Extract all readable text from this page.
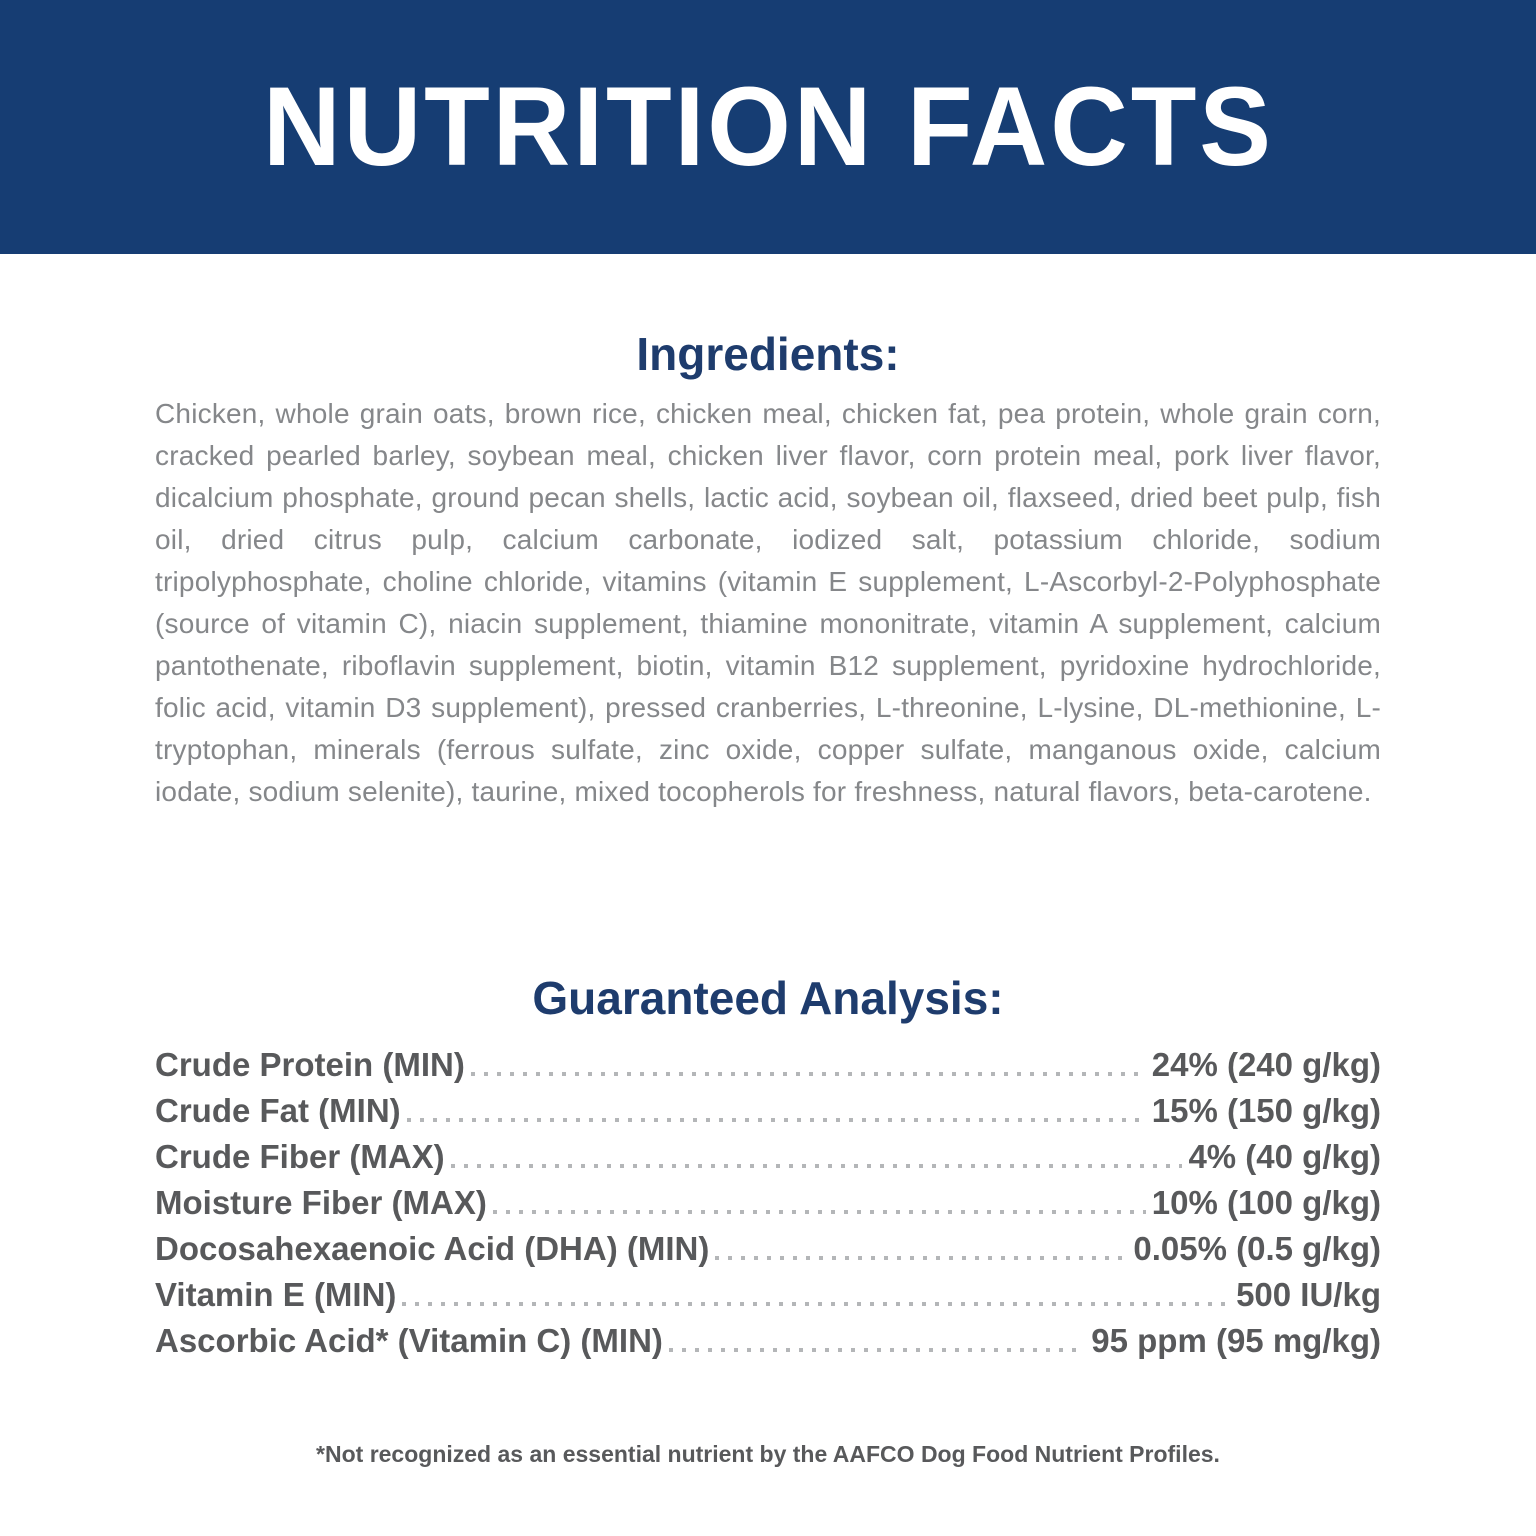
NUTRITION FACTS
Ingredients:

Chicken, whole grain oats, brown rice, chicken meal, chicken fat, pea protein, whole grain corn, cracked pearled barley, soybean meal, chicken liver flavor, corn protein meal, pork liver flavor, dicalcium phosphate, ground pecan shells, lactic acid, soybean oil, flaxseed, dried beet pulp, fish oil, dried citrus pulp, calcium carbonate, iodized salt, potassium chloride, sodium tripolyphosphate, choline chloride, vitamins (vitamin E supplement, L-Ascorbyl-2-Polyphosphate (source of vitamin C), niacin supplement, thiamine mononitrate, vitamin A supplement, calcium pantothenate, riboflavin supplement, biotin, vitamin B12 supplement, pyridoxine hydrochloride, folic acid, vitamin D3 supplement), pressed cranberries, L-threonine, L-lysine, DL-methionine, L-tryptophan, minerals (ferrous sulfate, zinc oxide, copper sulfate, manganous oxide, calcium iodate, sodium selenite), taurine, mixed tocopherols for freshness, natural flavors, beta-carotene.

Guaranteed Analysis:
Crude Protein (MIN)	24% (240 g/kg)
Crude Fat (MIN)	15% (150 g/kg)
Crude Fiber (MAX)	4% (40 g/kg)
Moisture Fiber (MAX)	10% (100 g/kg)
Docosahexaenoic Acid (DHA) (MIN)	0.05% (0.5 g/kg)
Vitamin E (MIN)	500 IU/kg
Ascorbic Acid* (Vitamin C) (MIN)	95 ppm (95 mg/kg)
*Not recognized as an essential nutrient by the AAFCO Dog Food Nutrient Profiles.
